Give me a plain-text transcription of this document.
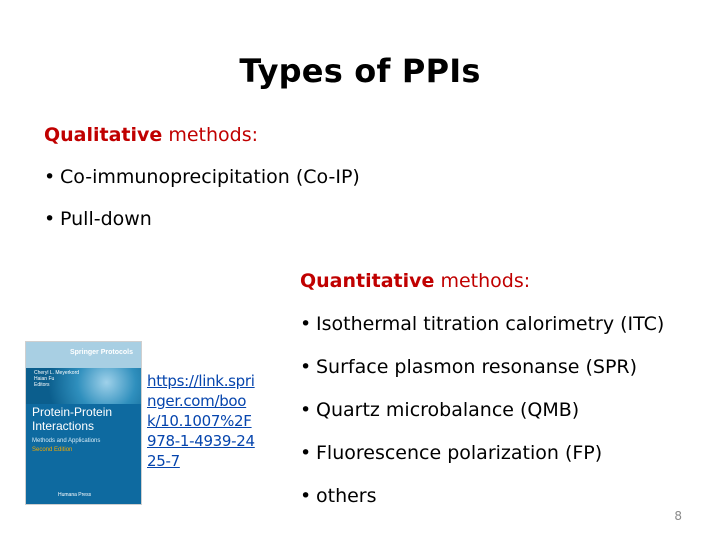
Types of PPIs

Qualitative methods:

• Co-immunoprecipitation (Co-IP)
• Pull-down

Quantitative methods:

• Isothermal titration calorimetry (ITC)
• Surface plasmon resonanse (SPR)
• Quartz microbalance (QMB)
• Fluorescence polarization (FP)
• others
Springer Protocols
Cheryl L. Meyerkord
Haian Fu
Editors
Protein-Protein
Interactions
Methods and Applications
Second Edition
Humana Press
https://link.springer.com/book/10.1007%2F978-1-4939-2425-7
8
